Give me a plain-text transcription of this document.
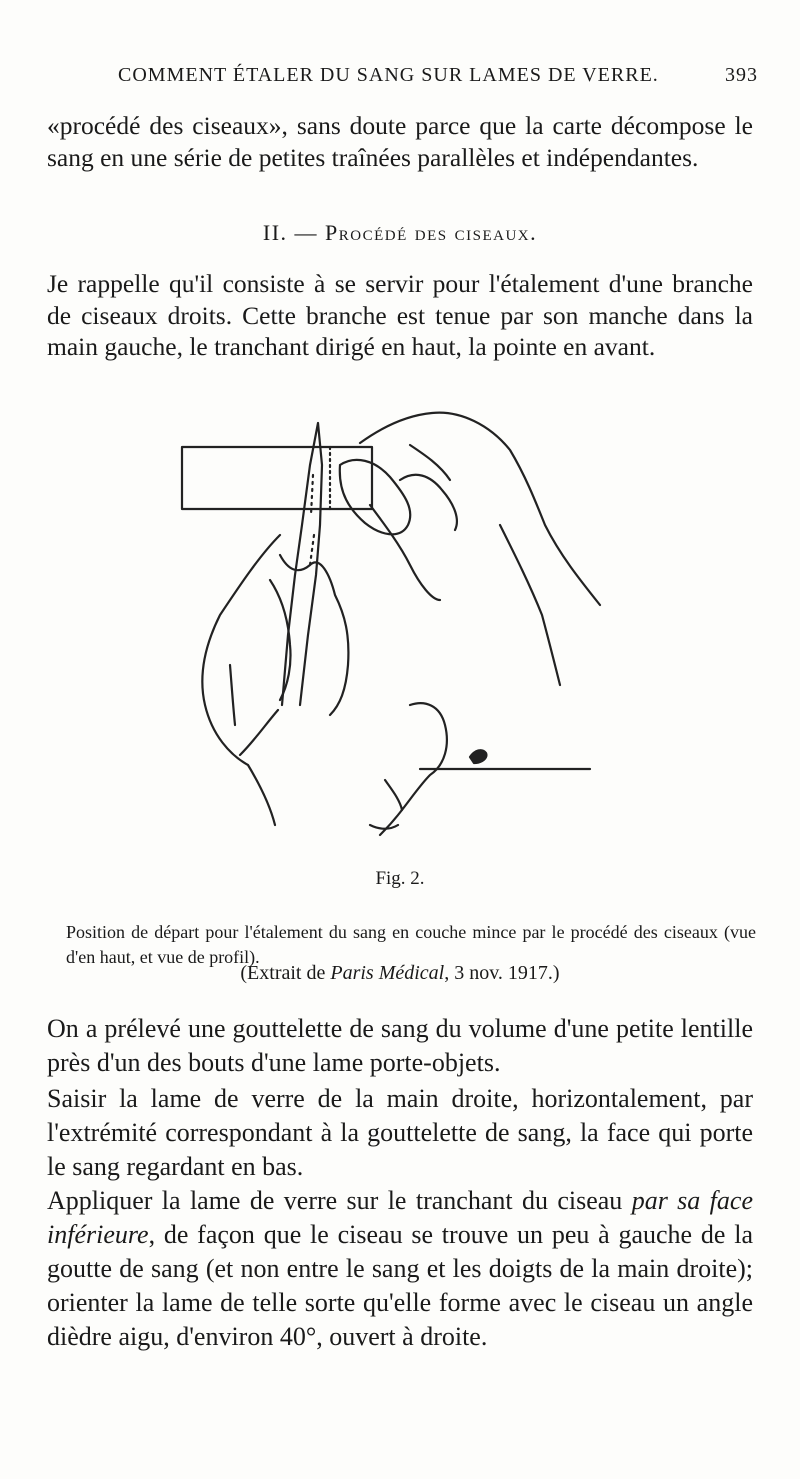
COMMENT ÉTALER DU SANG SUR LAMES DE VERRE.	393

«procédé des ciseaux», sans doute parce que la carte décompose le sang en une série de petites traînées parallèles et indépendantes.

II. — Procédé des ciseaux.

Je rappelle qu'il consiste à se servir pour l'étalement d'une branche de ciseaux droits. Cette branche est tenue par son manche dans la main gauche, le tranchant dirigé en haut, la pointe en avant.

Fig. 2.

Position de départ pour l'étalement du sang en couche mince par le procédé des ciseaux (vue d'en haut, et vue de profil).

(Extrait de Paris Médical, 3 nov. 1917.)

On a prélevé une gouttelette de sang du volume d'une petite lentille près d'un des bouts d'une lame porte-objets.

Saisir la lame de verre de la main droite, horizontalement, par l'extrémité correspondant à la gouttelette de sang, la face qui porte le sang regardant en bas.

Appliquer la lame de verre sur le tranchant du ciseau par sa face inférieure, de façon que le ciseau se trouve un peu à gauche de la goutte de sang (et non entre le sang et les doigts de la main droite); orienter la lame de telle sorte qu'elle forme avec le ciseau un angle dièdre aigu, d'environ 40°, ouvert à droite.
